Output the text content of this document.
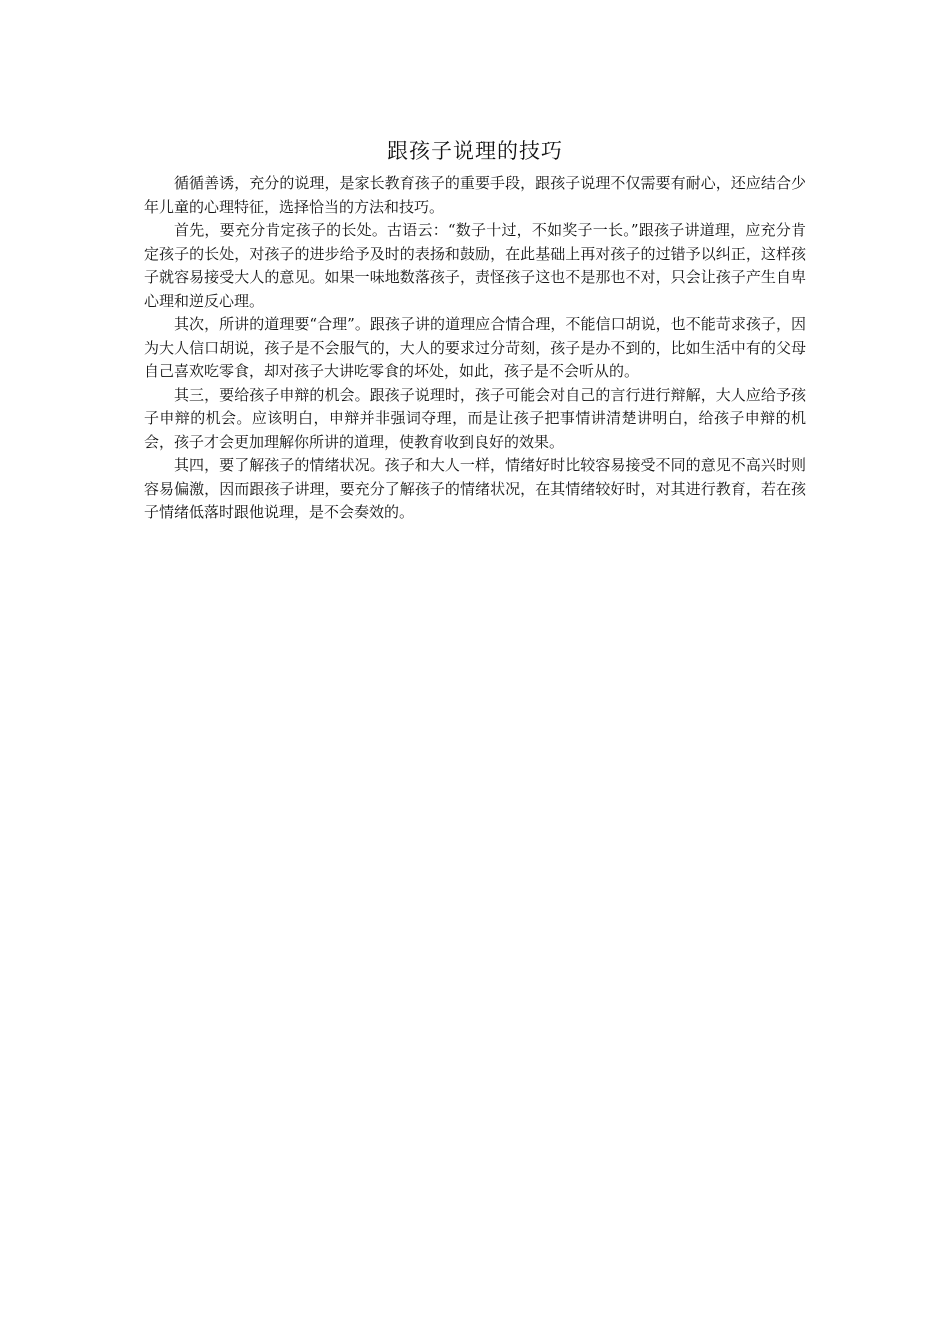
跟孩子说理的技巧

循循善诱，充分的说理，是家长教育孩子的重要手段，跟孩子说理不仅需要有耐心，还应结合少年儿童的心理特征，选择恰当的方法和技巧。

首先，要充分肯定孩子的长处。古语云：“数子十过，不如奖子一长。”跟孩子讲道理，应充分肯定孩子的长处，对孩子的进步给予及时的表扬和鼓励，在此基础上再对孩子的过错予以纠正，这样孩子就容易接受大人的意见。如果一味地数落孩子，责怪孩子这也不是那也不对，只会让孩子产生自卑心理和逆反心理。

其次，所讲的道理要“合理”。跟孩子讲的道理应合情合理，不能信口胡说，也不能苛求孩子，因为大人信口胡说，孩子是不会服气的，大人的要求过分苛刻，孩子是办不到的，比如生活中有的父母自己喜欢吃零食，却对孩子大讲吃零食的坏处，如此，孩子是不会听从的。

其三，要给孩子申辩的机会。跟孩子说理时，孩子可能会对自己的言行进行辩解，大人应给予孩子申辩的机会。应该明白，申辩并非强词夺理，而是让孩子把事情讲清楚讲明白，给孩子申辩的机会，孩子才会更加理解你所讲的道理，使教育收到良好的效果。

其四，要了解孩子的情绪状况。孩子和大人一样，情绪好时比较容易接受不同的意见不高兴时则容易偏激，因而跟孩子讲理，要充分了解孩子的情绪状况，在其情绪较好时，对其进行教育，若在孩子情绪低落时跟他说理，是不会奏效的。
